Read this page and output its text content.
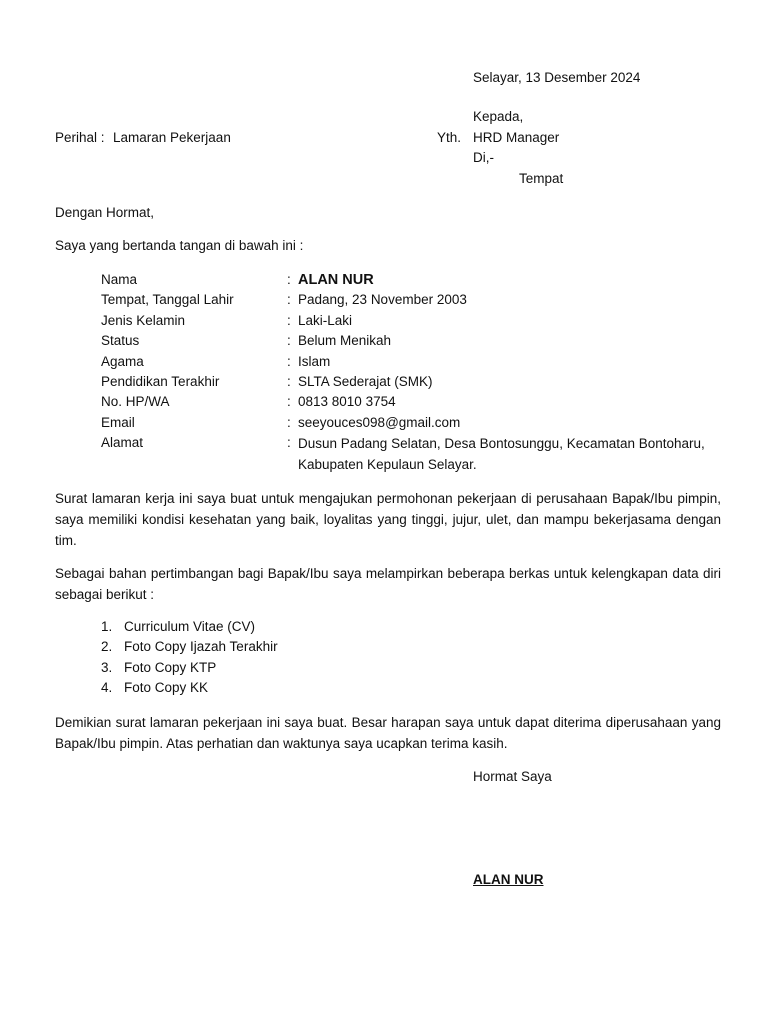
Selayar, 13 Desember 2024
Kepada,
Yth. HRD Manager
Di,-
Tempat
Perihal : Lamaran Pekerjaan
Dengan Hormat,
Saya yang bertanda tangan di bawah ini :
Nama	: ALAN NUR
Tempat, Tanggal Lahir	: Padang, 23 November 2003
Jenis Kelamin	: Laki-Laki
Status	: Belum Menikah
Agama	: Islam
Pendidikan Terakhir	: SLTA Sederajat (SMK)
No. HP/WA	: 0813 8010 3754
Email	: seeyouces098@gmail.com
Alamat	: Dusun Padang Selatan, Desa Bontosunggu, Kecamatan Bontoharu, Kabupaten Kepulaun Selayar.
Surat lamaran kerja ini saya buat untuk mengajukan permohonan pekerjaan di perusahaan Bapak/Ibu pimpin, saya memiliki kondisi kesehatan yang baik, loyalitas yang tinggi, jujur, ulet, dan mampu bekerjasama dengan tim.
Sebagai bahan pertimbangan bagi Bapak/Ibu saya melampirkan beberapa berkas untuk kelengkapan data diri sebagai berikut :
1. Curriculum Vitae (CV)
2. Foto Copy Ijazah Terakhir
3. Foto Copy KTP
4. Foto Copy KK
Demikian surat lamaran pekerjaan ini saya buat. Besar harapan saya untuk dapat diterima diperusahaan yang Bapak/Ibu pimpin. Atas perhatian dan waktunya saya ucapkan terima kasih.
Hormat Saya
ALAN NUR
